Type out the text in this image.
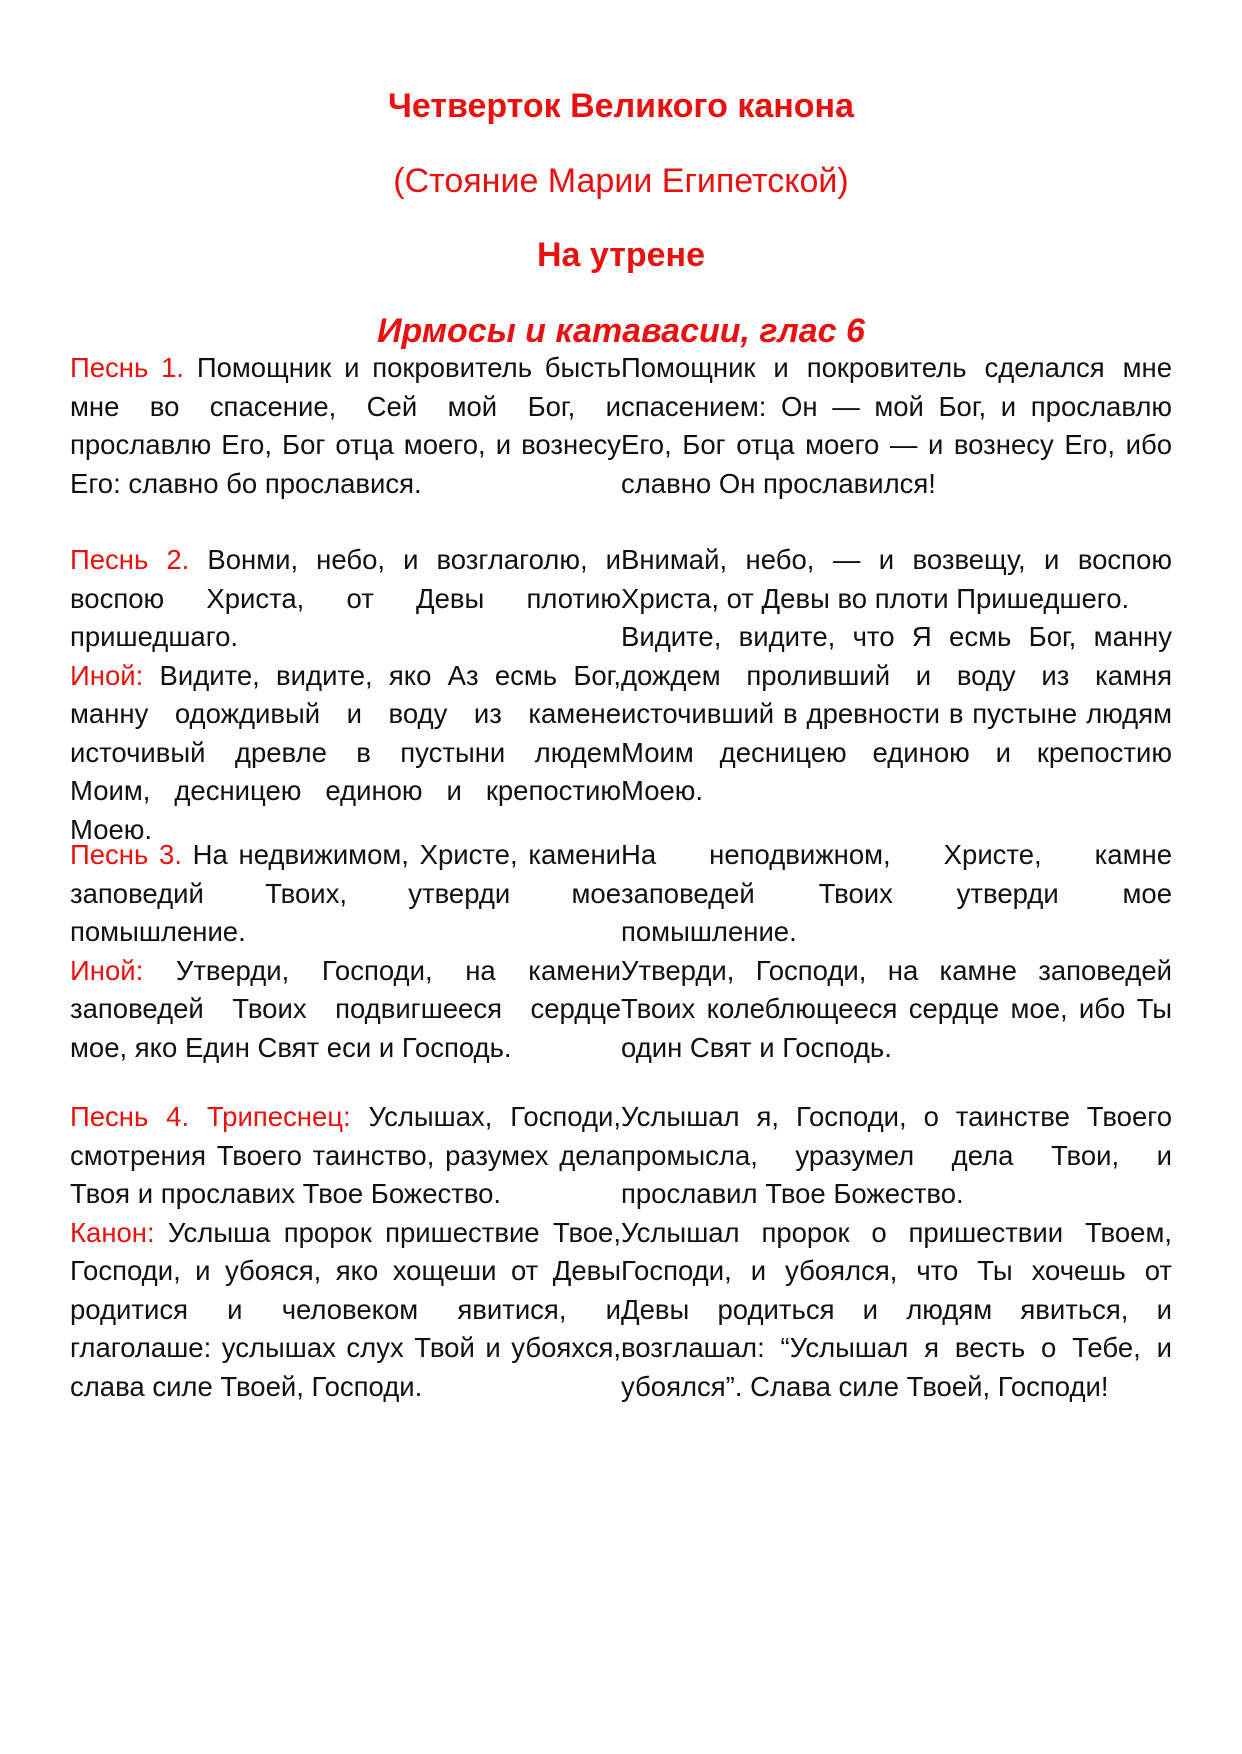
Четверток Великого канона
(Стояние Марии Египетской)
На утрене
Ирмосы и катавасии, глас 6

Песнь 1. Помощник и покровитель бысть мне во спасение, Сей мой Бог, и прославлю Его, Бог отца моего, и вознесу Его: славно бо прославися.

Помощник и покровитель сделался мне спасением: Он — мой Бог, и прославлю Его, Бог отца моего — и вознесу Его, ибо славно Он прославился!

Песнь 2. Вонми, небо, и возглаголю, и воспою Христа, от Девы плотию пришедшаго.

Иной: Видите, видите, яко Аз есмь Бог, манну одождивый и воду из камене источивый древле в пустыни людем Моим, десницею единою и крепостию Моею.

Внимай, небо, — и возвещу, и воспою Христа, от Девы во плоти Пришедшего.

Видите, видите, что Я есмь Бог, манну дождем проливший и воду из камня источивший в древности в пустыне людям Моим десницею единою и крепостию Моею.

Песнь 3. На недвижимом, Христе, камени заповедий Твоих, утверди мое помышление.

Иной: Утверди, Господи, на камени заповедей Твоих подвигшееся сердце мое, яко Един Свят еси и Господь.

На неподвижном, Христе, камне заповедей Твоих утверди мое помышление.

Утверди, Господи, на камне заповедей Твоих колеблющееся сердце мое, ибо Ты один Свят и Господь.

Песнь 4. Трипеснец: Услышах, Господи, смотрения Твоего таинство, разумех дела Твоя и прославих Твое Божество.

Канон: Услыша пророк пришествие Твое, Господи, и убояся, яко хощеши от Девы родитися и человеком явитися, и глаголаше: услышах слух Твой и убояхся, слава силе Твоей, Господи.

Услышал я, Господи, о таинстве Твоего промысла, уразумел дела Твои, и прославил Твое Божество.

Услышал пророк о пришествии Твоем, Господи, и убоялся, что Ты хочешь от Девы родиться и людям явиться, и возглашал: “Услышал я весть о Тебе, и убоялся”. Слава силе Твоей, Господи!
